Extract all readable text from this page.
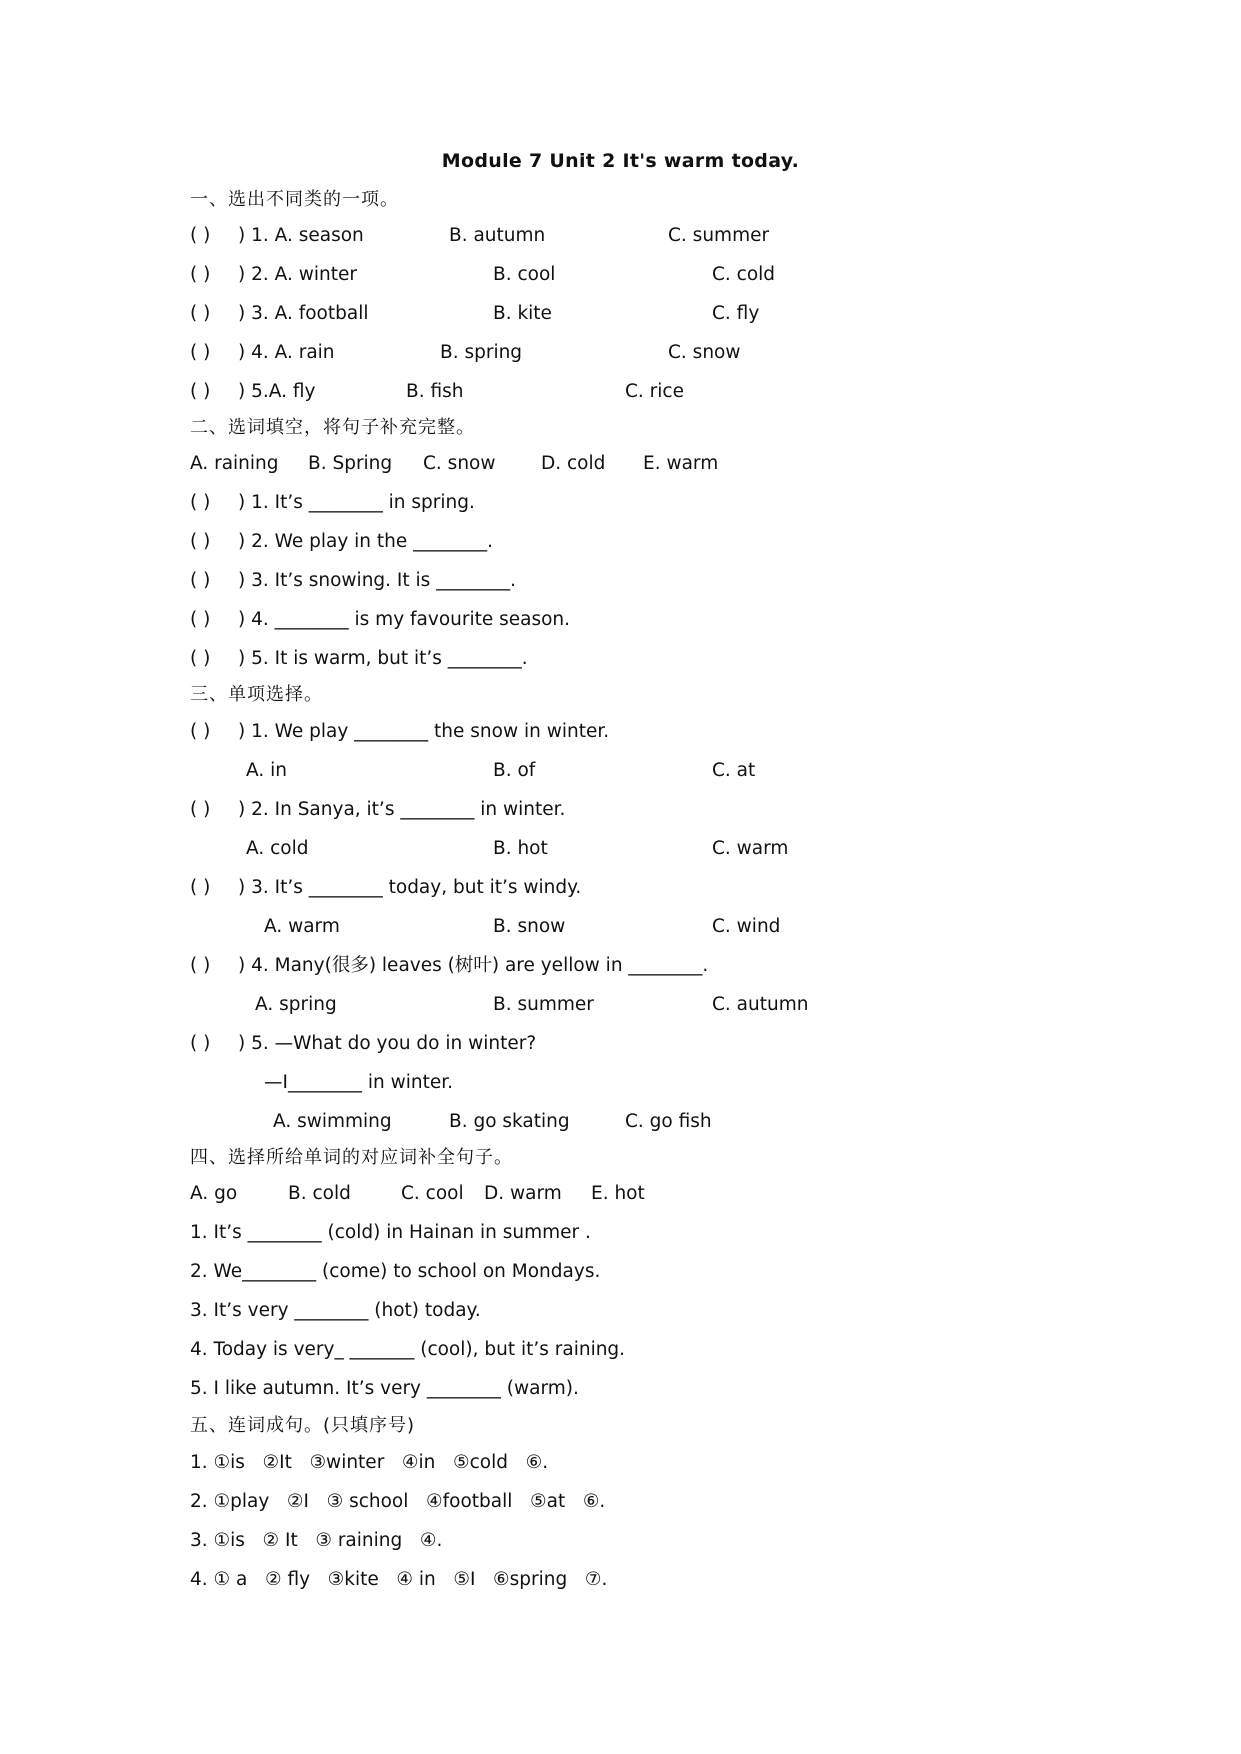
Module 7 Unit 2 It's warm today.
一、选出不同类的一项。
( ) ) 1. A. season	B. autumn	C. summer
( ) ) 2. A. winter	B. cool	C. cold
( ) ) 3. A. football	B. kite	C. fly
( ) ) 4. A. rain	B. spring	C. snow
( ) ) 5.A. fly	B. fish	C. rice
二、选词填空，将句子补充完整。
A. raining B. Spring C. snow D. cold E. warm
( ) ) 1. It’s ________ in spring.
( ) ) 2. We play in the ________.
( ) ) 3. It’s snowing. It is ________.
( ) ) 4. ________ is my favourite season.
( ) ) 5. It is warm, but it’s ________.
三、单项选择。
( ) ) 1. We play ________ the snow in winter.
A. in	B. of	C. at
( ) ) 2. In Sanya, it’s ________ in winter.
A. cold	B. hot	C. warm
( ) ) 3. It’s ________ today, but it’s windy.
A. warm	B. snow	C. wind
( ) ) 4. Many(很多) leaves (树叶) are yellow in ________.
A. spring	B. summer	C. autumn
( ) ) 5. —What do you do in winter?
—I________ in winter.
A. swimming	B. go skating	C. go fish
四、选择所给单词的对应词补全句子。
A. go	B. cold	C. cool D. warm E. hot
1. It’s ________ (cold) in Hainan in summer .
2. We________ (come) to school on Mondays.
3. It’s very ________ (hot) today.
4. Today is very_ _______ (cool), but it’s raining.
5. I like autumn. It’s very ________ (warm).
五、连词成句。(只填序号)
1. ①is   ②It   ③winter   ④in   ⑤cold   ⑥.
2. ①play   ②I   ③ school   ④football   ⑤at   ⑥.
3. ①is   ② It   ③ raining   ④.
4. ① a   ② fly   ③kite   ④ in   ⑤I   ⑥spring   ⑦.
